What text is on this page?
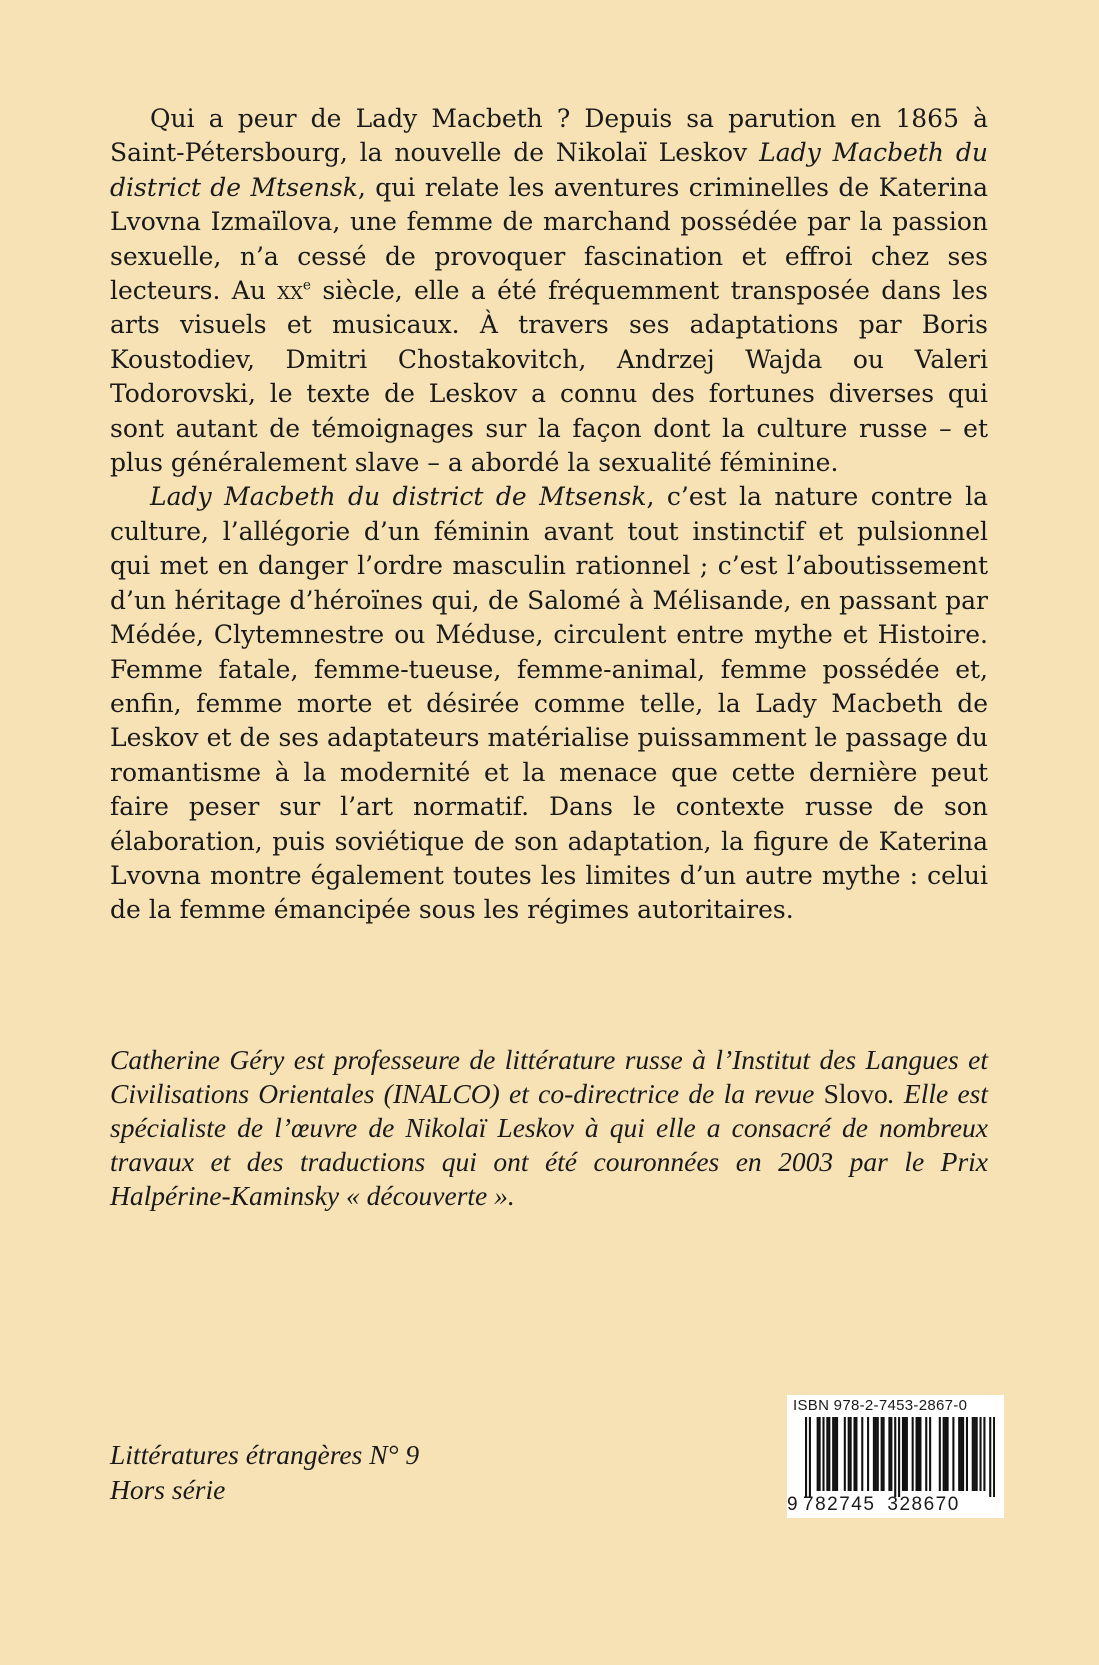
Qui a peur de Lady Macbeth ? Depuis sa parution en 1865 à Saint-Pétersbourg, la nouvelle de Nikolaï Leskov Lady Macbeth du district de Mtsensk, qui relate les aventures criminelles de Katerina Lvovna Izmaïlova, une femme de marchand possédée par la passion sexuelle, n’a cessé de provoquer fascination et effroi chez ses lecteurs. Au $xx^e$ siècle, elle a été fréquemment transposée dans les arts visuels et musicaux. À travers ses adaptations par Boris Koustodiev, Dmitri Chostakovitch, Andrzej Wajda ou Valeri Todorovski, le texte de Leskov a connu des fortunes diverses qui sont autant de témoignages sur la façon dont la culture russe – et plus généralement slave – a abordé la sexualité féminine.

Lady Macbeth du district de Mtsensk, c’est la nature contre la culture, l’allégorie d’un féminin avant tout instinctif et pulsionnel qui met en danger l’ordre masculin rationnel ; c’est l’aboutissement d’un héritage d’héroïnes qui, de Salomé à Mélisande, en passant par Médée, Clytemnestre ou Méduse, circulent entre mythe et Histoire. Femme fatale, femme-tueuse, femme-animal, femme possédée et, enfin, femme morte et désirée comme telle, la Lady Macbeth de Leskov et de ses adaptateurs matérialise puissamment le passage du romantisme à la modernité et la menace que cette dernière peut faire peser sur l’art normatif. Dans le contexte russe de son élaboration, puis soviétique de son adaptation, la figure de Katerina Lvovna montre également toutes les limites d’un autre mythe : celui de la femme émancipée sous les régimes autoritaires.

Catherine Géry est professeure de littérature russe à l’Institut des Langues et Civilisations Orientales (INALCO) et co-directrice de la revue Slovo. Elle est spécialiste de l’œuvre de Nikolaï Leskov à qui elle a consacré de nombreux travaux et des traductions qui ont été couronnées en 2003 par le Prix Halpérine-Kaminsky « découverte ».

Littératures étrangères N° 9
Hors série
ISBN 978-2-7453-2867-0
9 782745 328670
